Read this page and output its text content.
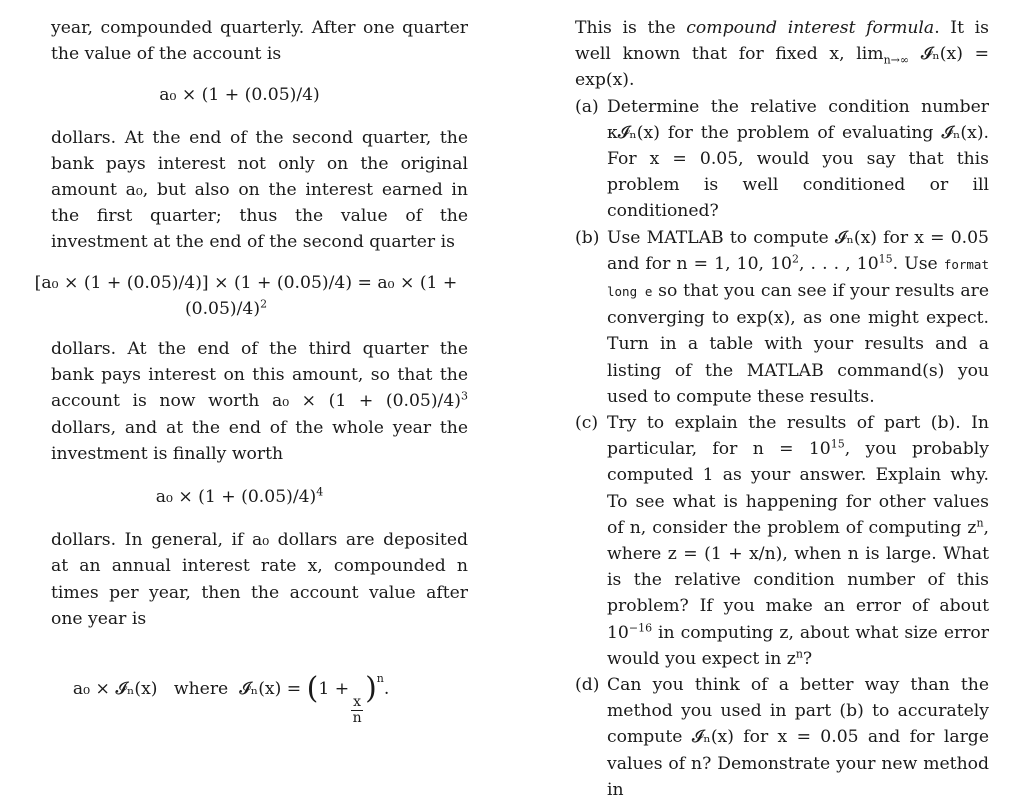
year, compounded quarterly. After one quarter the value of the account is

a₀ × (1 + (0.05)/4)

dollars. At the end of the second quarter, the bank pays interest not only on the original amount a₀, but also on the interest earned in the first quarter; thus the value of the investment at the end of the second quarter is

[a₀ × (1 + (0.05)/4)] × (1 + (0.05)/4) = a₀ × (1 +
(0.05)/4)$^2$

dollars. At the end of the third quarter the bank pays interest on this amount, so that the account is now worth $a_0 \times (1 + (0.05)/4)^3$ dollars, and at the end of the whole year the investment is finally worth

$a_0 \times (1 + (0.05)/4)^4$

dollars. In general, if a₀ dollars are deposited at an annual interest rate x, compounded n times per year, then the account value after one year is

a₀ × 𝓘ₙ(x)   where  𝓘ₙ(x) = (1 +
$\frac{x}{n}$
)$^n$.

This is the compound interest formula. It is well known that for fixed x, $\lim_{n\to\infty}$ 𝓘ₙ(x) = exp(x).

(a) Determine the relative condition number κ𝓘ₙ(x) for the problem of evaluating 𝓘ₙ(x). For x = 0.05, would you say that this problem is well conditioned or ill conditioned?
(b) Use MATLAB to compute 𝓘ₙ(x) for x = 0.05 and for n = 1, 10, $10^2$, . . . , $10^{15}$. Use format long e so that you can see if your results are converging to exp(x), as one might expect. Turn in a table with your results and a listing of the MATLAB command(s) you used to compute these results.
(c) Try to explain the results of part (b). In particular, for $n = 10^{15}$, you probably computed 1 as your answer. Explain why. To see what is happening for other values of n, consider the problem of computing $z^n$, where z = (1 + x/n), when n is large. What is the relative condition number of this problem? If you make an error of about $10^{-16}$ in computing z, about what size error would you expect in $z^n$?
(d) Can you think of a better way than the method you used in part (b) to accurately compute 𝓘ₙ(x) for x = 0.05 and for large values of n? Demonstrate your new method in
